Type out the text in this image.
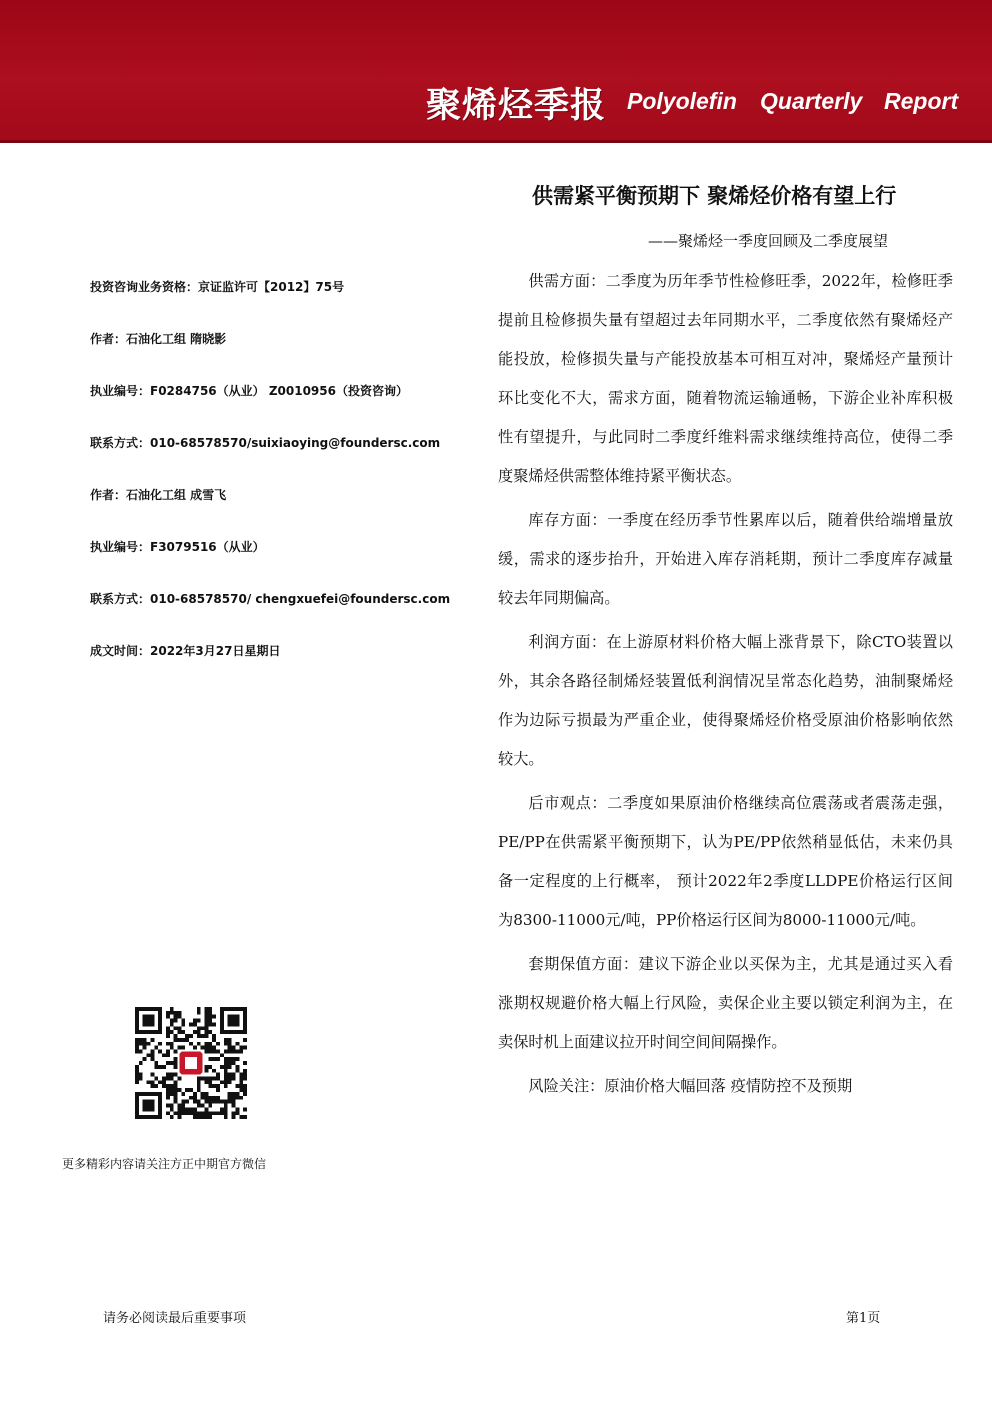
聚烯烃季报 Polyolefin Quarterly Report
供需紧平衡预期下 聚烯烃价格有望上行
——聚烯烃一季度回顾及二季度展望
投资咨询业务资格：京证监许可【2012】75号
作者：石油化工组 隋晓影
执业编号：F0284756（从业） Z0010956（投资咨询）
联系方式：010-68578570/suixiaoying@foundersc.com
作者：石油化工组 成雪飞
执业编号：F3079516（从业）
联系方式：010-68578570/ chengxuefei@foundersc.com
成文时间：2022年3月27日星期日

供需方面：二季度为历年季节性检修旺季，2022年，检修旺季提前且检修损失量有望超过去年同期水平，二季度依然有聚烯烃产能投放，检修损失量与产能投放基本可相互对冲，聚烯烃产量预计环比变化不大，需求方面，随着物流运输通畅，下游企业补库积极性有望提升，与此同时二季度纤维料需求继续维持高位，使得二季度聚烯烃供需整体维持紧平衡状态。

库存方面：一季度在经历季节性累库以后，随着供给端增量放缓，需求的逐步抬升，开始进入库存消耗期，预计二季度库存减量较去年同期偏高。

利润方面：在上游原材料价格大幅上涨背景下，除CTO装置以外，其余各路径制烯烃装置低利润情况呈常态化趋势，油制聚烯烃作为边际亏损最为严重企业，使得聚烯烃价格受原油价格影响依然较大。

后市观点：二季度如果原油价格继续高位震荡或者震荡走强，PE/PP在供需紧平衡预期下，认为PE/PP依然稍显低估，未来仍具备一定程度的上行概率， 预计2022年2季度LLDPE价格运行区间为8300-11000元/吨，PP价格运行区间为8000-11000元/吨。

套期保值方面：建议下游企业以买保为主，尤其是通过买入看涨期权规避价格大幅上行风险，卖保企业主要以锁定利润为主，在卖保时机上面建议拉开时间空间间隔操作。

风险关注：原油价格大幅回落 疫情防控不及预期

更多精彩内容请关注方正中期官方微信
请务必阅读最后重要事项	第1页
